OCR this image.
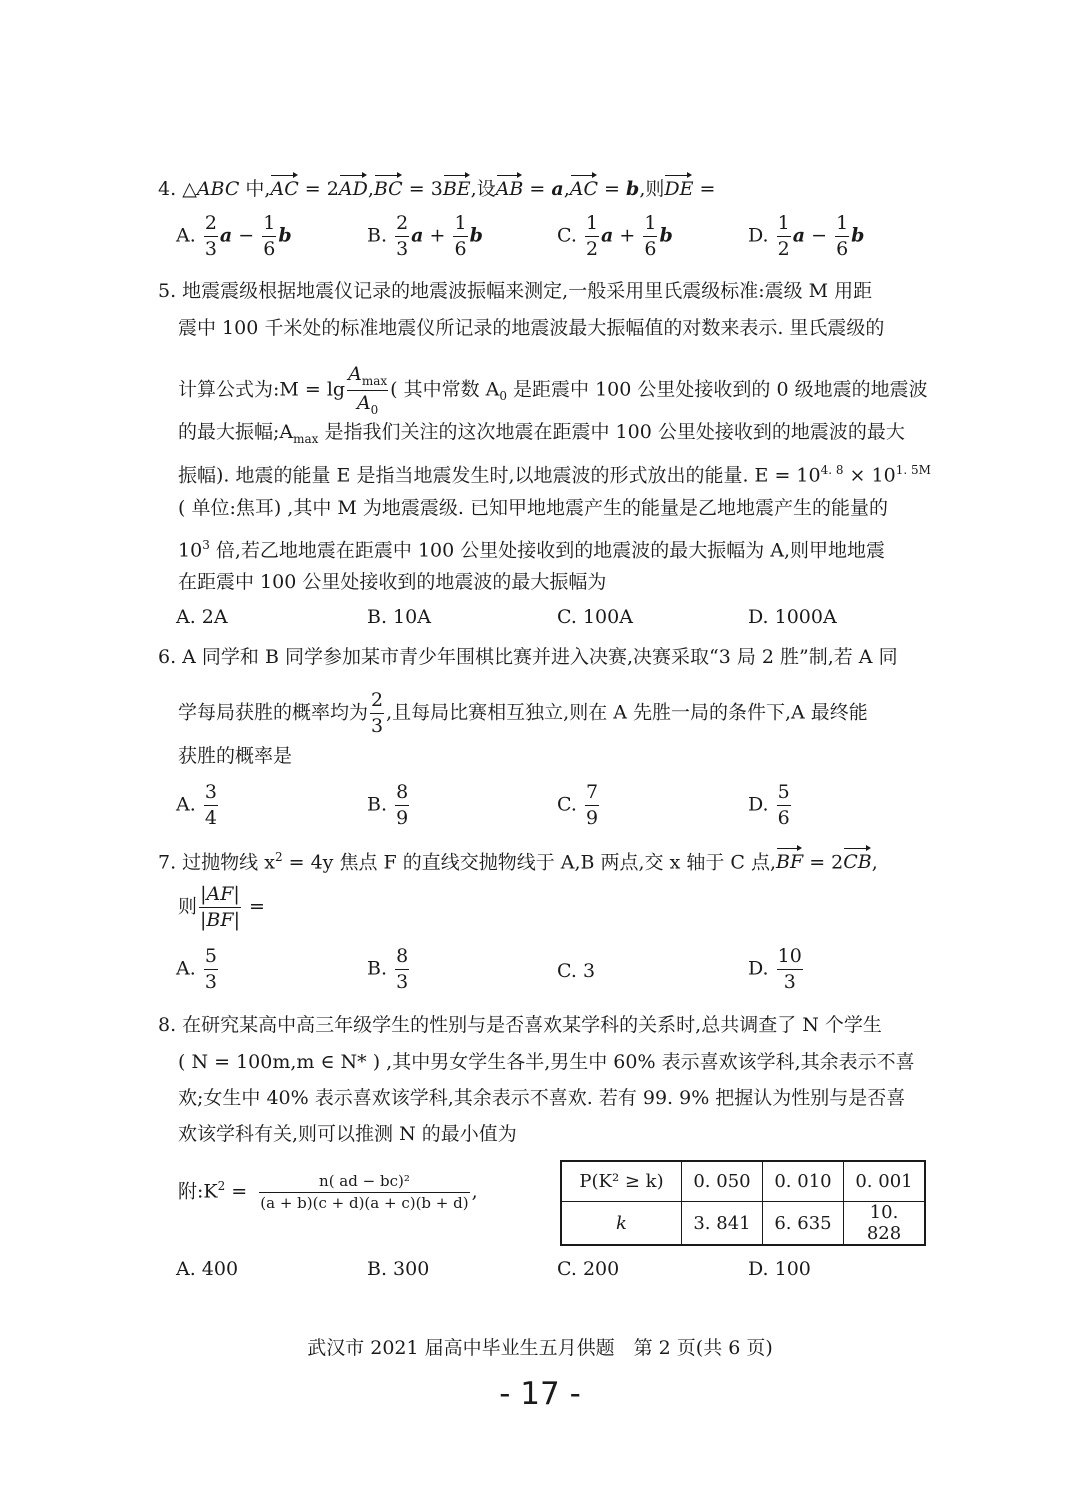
4. △ABC 中,AC = 2AD,BC = 3BE,设AB = a,AC = b,则DE =
A. $\frac{2}{3}$ $a - \frac{1}{6}$ b	B. $\frac{2}{3}$ $a + \frac{1}{6}$ b	C. $\frac{1}{2}$ $a + \frac{1}{6}$ b	D. $\frac{1}{2}$ $a - \frac{1}{6}$ b
5. 地震震级根据地震仪记录的地震波振幅来测定,一般采用里氏震级标准:震级 M 用距
震中 100 千米处的标准地震仪所记录的地震波最大振幅值的对数来表示. 里氏震级的
计算公式为:M = $\lg \frac{A_{max}}{A_0}$ ( 其中常数 $A_0$ 是距震中 100 公里处接收到的 0 级地震的地震波
的最大振幅$;A_{max}$ 是指我们关注的这次地震在距震中 100 公里处接收到的地震波的最大
振幅). 地震的能量 E 是指当地震发生时,以地震波的形式放出的能量. $E = 10^{4. 8} \times 10^{1. 5M}$
( 单位:焦耳) ,其中 M 为地震震级. 已知甲地地震产生的能量是乙地地震产生的能量的
$10^3$ 倍,若乙地地震在距震中 100 公里处接收到的地震波的最大振幅为 A,则甲地地震
在距震中 100 公里处接收到的地震波的最大振幅为
A. 2A	B. 10A	C. 100A	D. 1000A
6. A 同学和 B 同学参加某市青少年围棋比赛并进入决赛,决赛采取“3 局 2 胜”制,若 A 同
学每局获胜的概率均为 $\frac{2}{3}$ ,且每局比赛相互独立,则在 A 先胜一局的条件下,A 最终能
获胜的概率是
A. $\frac{3}{4}$	B. $\frac{8}{9}$	C. $\frac{7}{9}$	D. $\frac{5}{6}$
7. 过抛物线 $x^2 = 4y$ 焦点 F 的直线交抛物线于 A,B 两点,交 x 轴于 C 点,BF = 2CB,
则 $\frac{|AF|}{|BF|}$ =
A. $\frac{5}{3}$	B. $\frac{8}{3}$	C. 3	D. $\frac{10}{3}$
8. 在研究某高中高三年级学生的性别与是否喜欢某学科的关系时,总共调查了 N 个学生
( N = 100m,m ∈ N* ) ,其中男女学生各半,男生中 60% 表示喜欢该学科,其余表示不喜
欢;女生中 40% 表示喜欢该学科,其余表示不喜欢. 若有 99. 9% 把握认为性别与是否喜
欢该学科有关,则可以推测 N 的最小值为
附$:K^2 = \frac{\text{n( ad − bc)²}}{(a + b)(c + d)(a + c)(b + d)}$ ,	P(K² ≥ k)	0. 050	0. 010	0. 001
k	3. 841	6. 635	10. 828
A. 400	B. 300	C. 200	D. 100
武汉市 2021 届高中毕业生五月供题　第 2 页(共 6 页)
- 17 -
